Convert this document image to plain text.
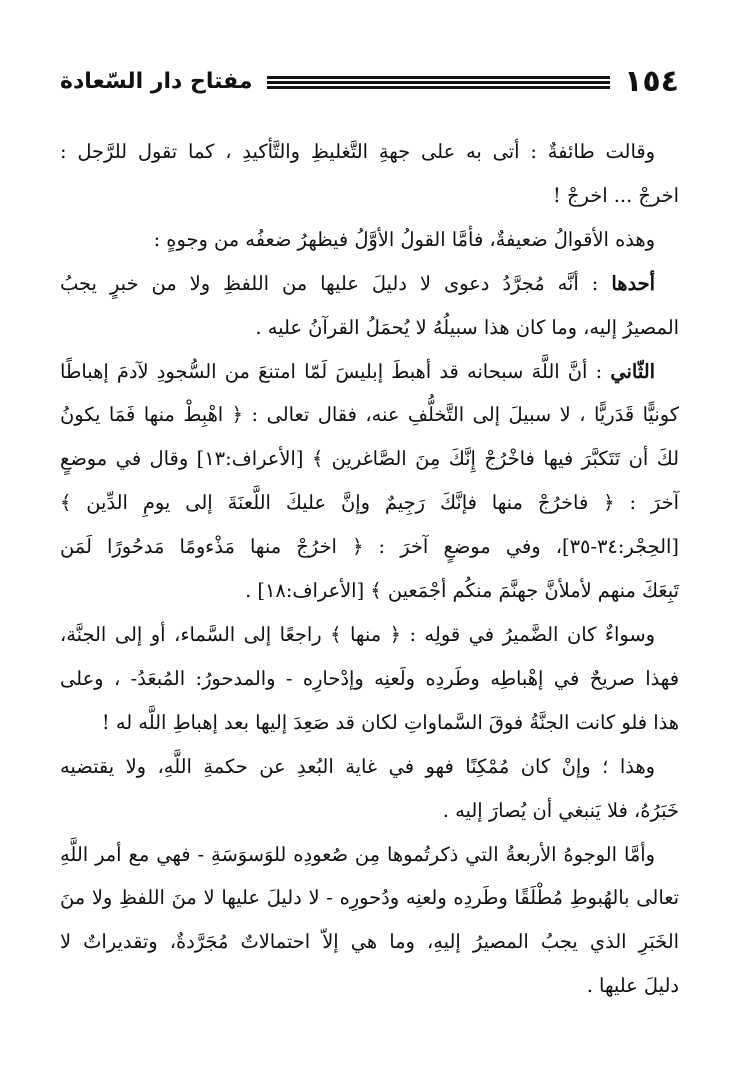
١٥٤
مفتاح دار السّعادة

وقالت طائفةٌ : أتى به على جهةِ التَّغليظِ والتَّأكيدِ ، كما تقول للرَّجل :
اخرجْ ... اخرجْ !

وهذه الأقوالُ ضعيفةٌ، فأمَّا القولُ الأوَّلُ فيظهرُ ضعفُه من وجوهٍ :

أحدها : أنَّه مُجرَّدُ دعوى لا دليلَ عليها من اللفظِ ولا من خبرٍ يجبُ
المصيرُ إليه، وما كان هذا سبيلُهُ لا يُحمَلُ القرآنُ عليه .

الثّاني : أنَّ اللَّهَ سبحانه قد أهبطَ إبليسَ لَمّا امتنعَ من السُّجودِ لآدمَ إهباطًا
كونيًّا قَدَريًّا ، لا سبيلَ إلى التَّخلُّفِ عنه، فقال تعالى : ﴿ اهْبِطْ منها فَمَا يكونُ
لكَ أن تَتَكبَّرَ فيها فاخْرُجْ إِنَّكَ مِنَ الصَّاغرين ﴾ [الأعراف:١٣] وقال في موضعٍ
آخرَ : ﴿ فاخرُجْ منها فإنَّكَ رَجِيمٌ وإنَّ عليكَ اللَّعنَةَ إلى يومِ الدِّين ﴾
[الحِجْر:٣٤-٣٥]، وفي موضعٍ آخرَ : ﴿ اخرُجْ منها مَذْءومًا مَدحُورًا لَمَن
تَبِعَكَ منهم لأملأنَّ جهنَّمَ منكُم أجْمَعين ﴾ [الأعراف:١٨] .

وسواءٌ كان الضَّميرُ في قولِه : ﴿ منها ﴾ راجعًا إلى السَّماء، أو إلى الجنَّة،
فهذا صريحٌ في إهْباطِه وطَردِه ولَعنِه وإدْحارِه - والمدحورُ: المُبعَدُ- ، وعلى
هذا فلو كانت الجنَّةُ فوقَ السَّماواتِ لكان قد صَعِدَ إليها بعد إهباطِ اللَّه له !

وهذا ؛ وإنْ كان مُمْكِنًا فهو في غاية البُعدِ عن حكمةِ اللَّهِ، ولا يقتضيه
خَبَرُهُ، فلا يَنبغي أن يُصارَ إليه .

وأمَّا الوجوهُ الأربعةُ التي ذكرتُموها مِن صُعودِه للوَسوَسَةِ - فهي مع أمر اللَّهِ
تعالى بالهُبوطِ مُطْلَقًا وطَردِه ولعنِه ودُحورِه - لا دليلَ عليها لا منَ اللفظِ ولا منَ
الخَبَرِ الذي يجبُ المصيرُ إليهِ، وما هي إلاّ احتمالاتٌ مُجَرَّدةٌ، وتقديراتٌ لا
دليلَ عليها .
